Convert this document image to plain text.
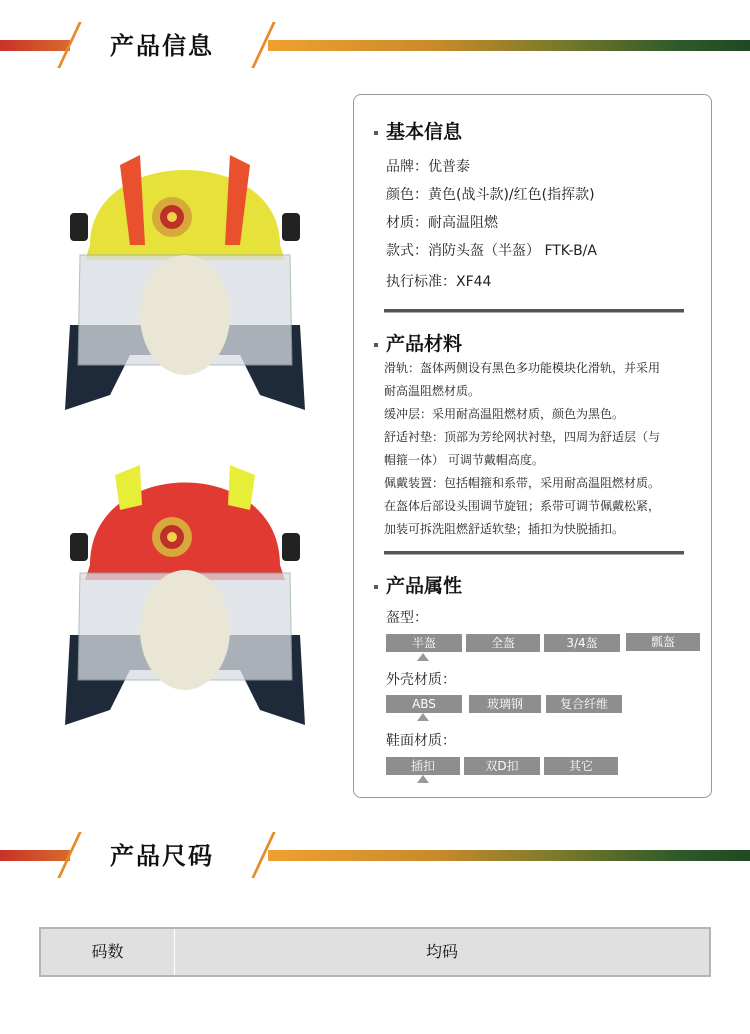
产品信息
基本信息
品牌：优普泰
颜色：黄色(战斗款)/红色(指挥款)
材质：耐高温阻燃
款式：消防头盔（半盔） FTK-B/A
执行标准：XF44
产品材料
滑轨：盔体两侧设有黑色多功能模块化滑轨，并采用
耐高温阻燃材质。
缓冲层：采用耐高温阻燃材质，颜色为黑色。
舒适衬垫：顶部为芳纶网状衬垫，四周为舒适层（与
帽箍一体） 可调节戴帽高度。
佩戴装置：包括帽箍和系带，采用耐高温阻燃材质。
在盔体后部设头围调节旋钮；系带可调节佩戴松紧，
加装可拆洗阻燃舒适软垫；插扣为快脱插扣。
产品属性
盔型：
半盔	全盔	3/4盔	瓢盔
外壳材质：
ABS	玻璃钢	复合纤维
鞋面材质：
插扣	双D扣	其它
产品尺码
码数	均码
